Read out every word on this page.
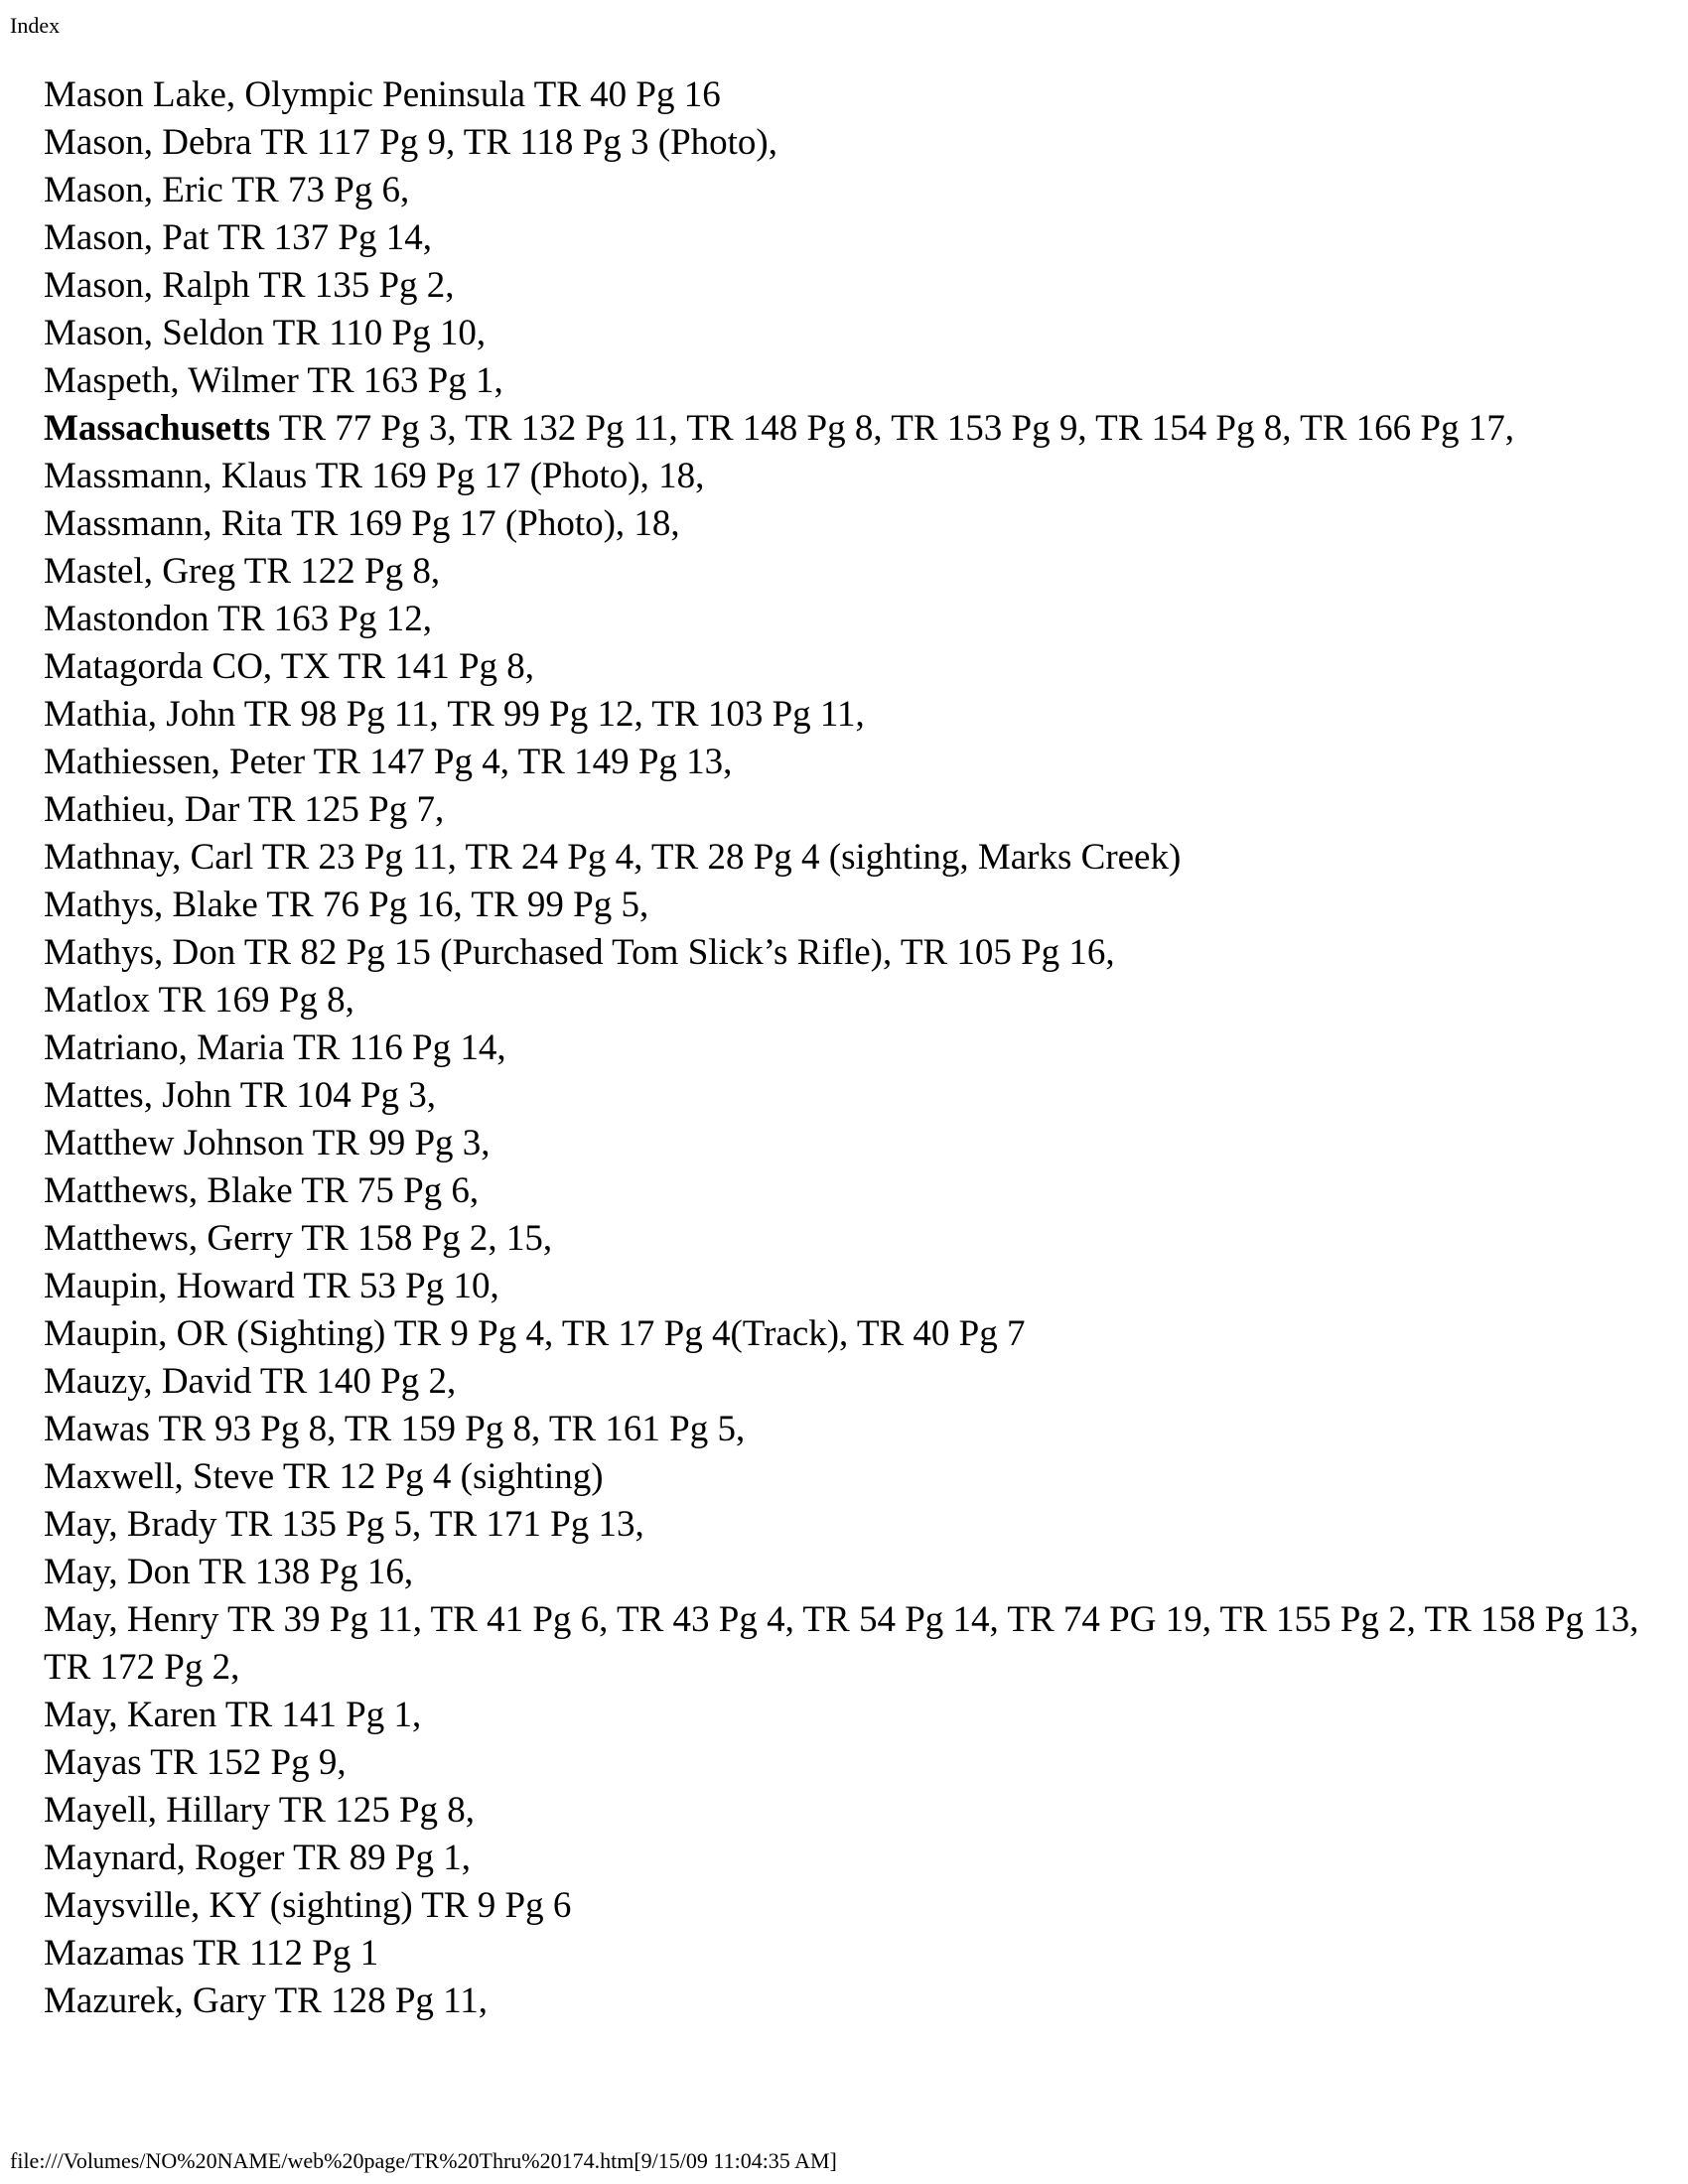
Index
Mason Lake, Olympic Peninsula TR 40 Pg 16
Mason, Debra TR 117 Pg 9, TR 118 Pg 3 (Photo),
Mason, Eric TR 73 Pg 6,
Mason, Pat TR 137 Pg 14,
Mason, Ralph TR 135 Pg 2,
Mason, Seldon TR 110 Pg 10,
Maspeth, Wilmer TR 163 Pg 1,
Massachusetts TR 77 Pg 3, TR 132 Pg 11, TR 148 Pg 8, TR 153 Pg 9, TR 154 Pg 8, TR 166 Pg 17,
Massmann, Klaus TR 169 Pg 17 (Photo), 18,
Massmann, Rita TR 169 Pg 17 (Photo), 18,
Mastel, Greg TR 122 Pg 8,
Mastondon TR 163 Pg 12,
Matagorda CO, TX TR 141 Pg 8,
Mathia, John TR 98 Pg 11, TR 99 Pg 12, TR 103 Pg 11,
Mathiessen, Peter TR 147 Pg 4, TR 149 Pg 13,
Mathieu, Dar TR 125 Pg 7,
Mathnay, Carl TR 23 Pg 11, TR 24 Pg 4, TR 28 Pg 4 (sighting, Marks Creek)
Mathys, Blake TR 76 Pg 16, TR 99 Pg 5,
Mathys, Don TR 82 Pg 15 (Purchased Tom Slick’s Rifle), TR 105 Pg 16,
Matlox TR 169 Pg 8,
Matriano, Maria TR 116 Pg 14,
Mattes, John TR 104 Pg 3,
Matthew Johnson TR 99 Pg 3,
Matthews, Blake TR 75 Pg 6,
Matthews, Gerry TR 158 Pg 2, 15,
Maupin, Howard TR 53 Pg 10,
Maupin, OR (Sighting) TR 9 Pg 4, TR 17 Pg 4(Track), TR 40 Pg 7
Mauzy, David TR 140 Pg 2,
Mawas TR 93 Pg 8, TR 159 Pg 8, TR 161 Pg 5,
Maxwell, Steve TR 12 Pg 4 (sighting)
May, Brady TR 135 Pg 5, TR 171 Pg 13,
May, Don TR 138 Pg 16,
May, Henry TR 39 Pg 11, TR 41 Pg 6, TR 43 Pg 4, TR 54 Pg 14, TR 74 PG 19, TR 155 Pg 2, TR 158 Pg 13, TR 172 Pg 2,
May, Karen TR 141 Pg 1,
Mayas TR 152 Pg 9,
Mayell, Hillary TR 125 Pg 8,
Maynard, Roger TR 89 Pg 1,
Maysville, KY (sighting) TR 9 Pg 6
Mazamas TR 112 Pg 1
Mazurek, Gary TR 128 Pg 11,
file:///Volumes/NO%20NAME/web%20page/TR%20Thru%20174.htm[9/15/09 11:04:35 AM]
